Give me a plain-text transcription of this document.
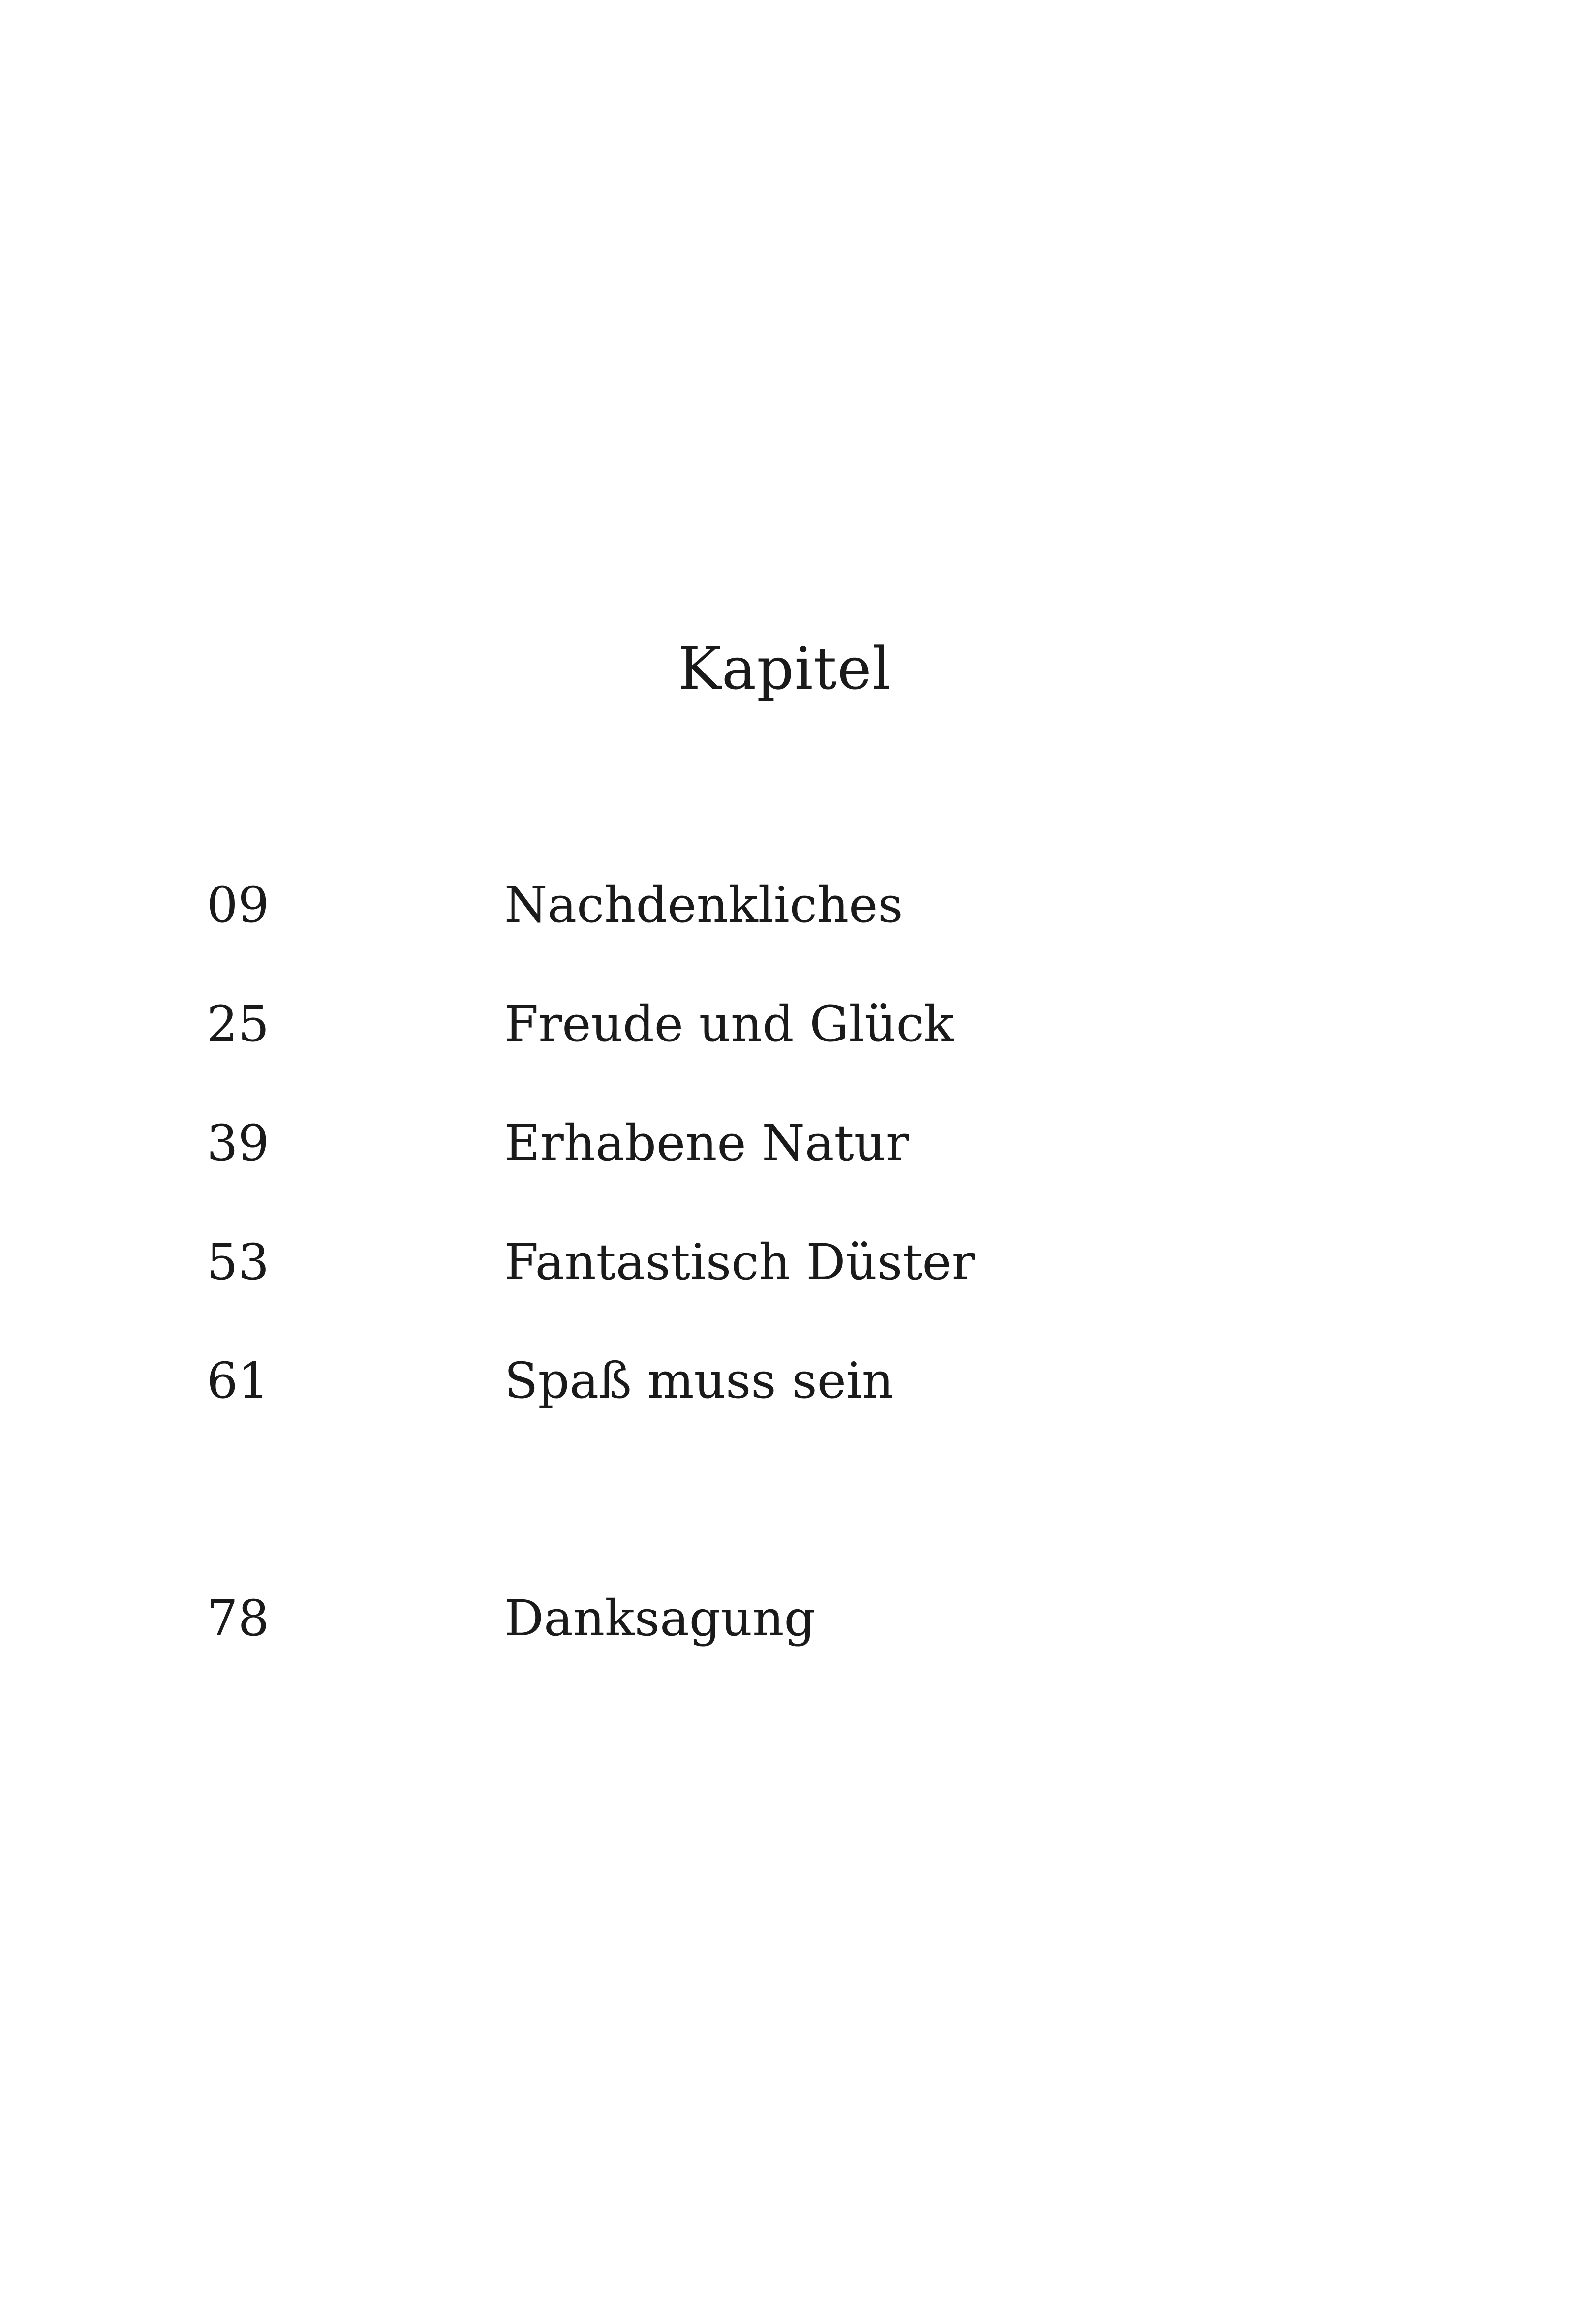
Kapitel
09	Nachdenkliches
25	Freude und Glück
39	Erhabene Natur
53	Fantastisch Düster
61	Spaß muss sein
78	Danksagung
